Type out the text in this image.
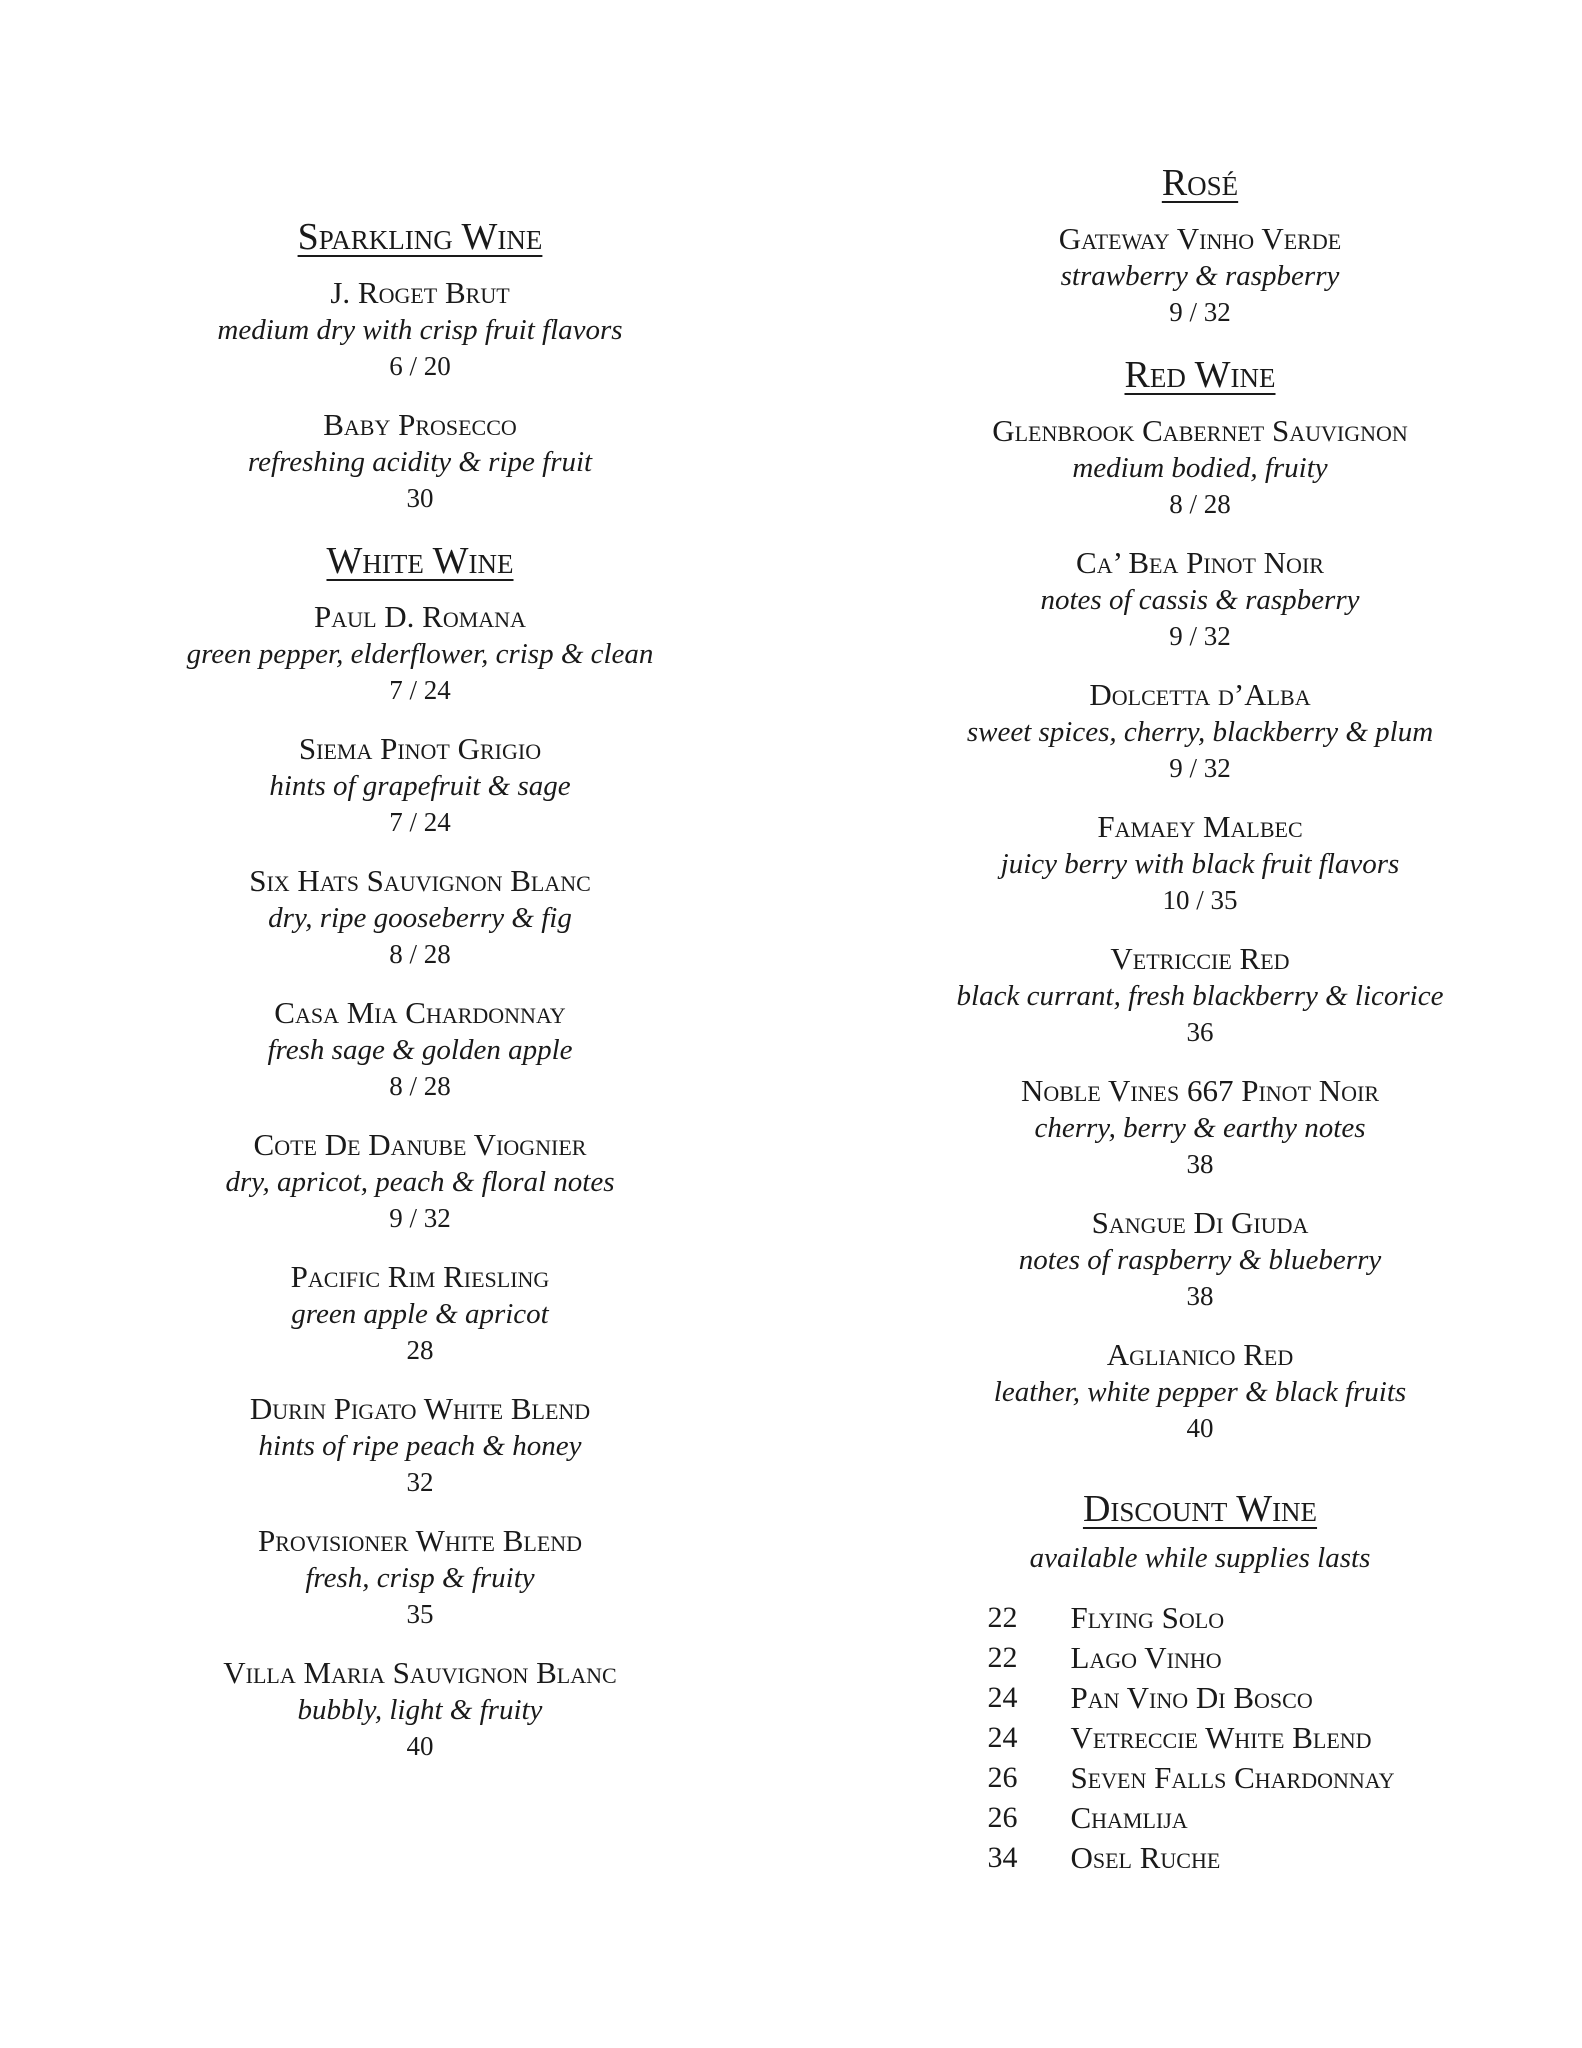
Sparkling Wine
J. Roget Brut
medium dry with crisp fruit flavors
6 / 20
Baby Prosecco
refreshing acidity & ripe fruit
30
White Wine
Paul D. Romana
green pepper, elderflower, crisp & clean
7 / 24
Siema Pinot Grigio
hints of grapefruit & sage
7 / 24
Six Hats Sauvignon Blanc
dry, ripe gooseberry & fig
8 / 28
Casa Mia Chardonnay
fresh sage & golden apple
8 / 28
Cote De Danube Viognier
dry, apricot, peach & floral notes
9 / 32
Pacific Rim Riesling
green apple & apricot
28
Durin Pigato White Blend
hints of ripe peach & honey
32
Provisioner White Blend
fresh, crisp & fruity
35
Villa Maria Sauvignon Blanc
bubbly, light & fruity
40
Rosé
Gateway Vinho Verde
strawberry & raspberry
9 / 32
Red Wine
Glenbrook Cabernet Sauvignon
medium bodied, fruity
8 / 28
Ca’ Bea Pinot Noir
notes of cassis & raspberry
9 / 32
Dolcetta d’Alba
sweet spices, cherry, blackberry & plum
9 / 32
Famaey Malbec
juicy berry with black fruit flavors
10 / 35
Vetriccie Red
black currant, fresh blackberry & licorice
36
Noble Vines 667 Pinot Noir
cherry, berry & earthy notes
38
Sangue Di Giuda
notes of raspberry & blueberry
38
Aglianico Red
leather, white pepper & black fruits
40
Discount Wine
available while supplies lasts
22	Flying Solo
22	Lago Vinho
24	Pan Vino Di Bosco
24	Vetreccie White Blend
26	Seven Falls Chardonnay
26	Chamlija
34	Osel Ruche
